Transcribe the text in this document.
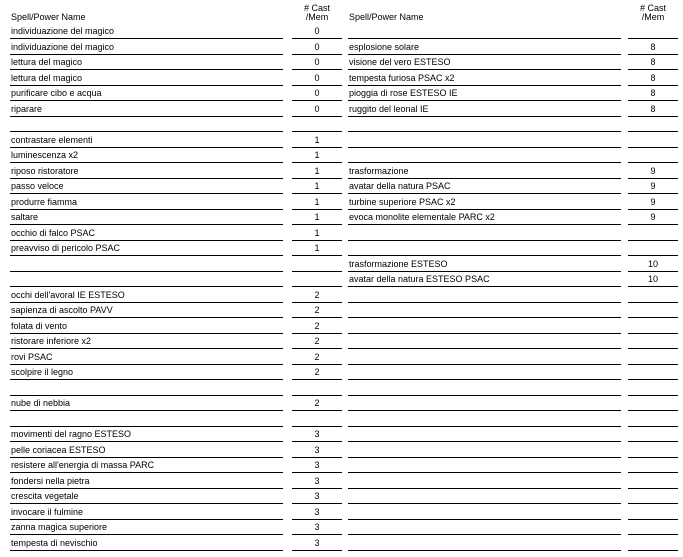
Spell/Power Name
# Cast
/Mem
individuazione del magico	0
individuazione del magico	0
lettura del magico	0
lettura del magico	0
purificare cibo e acqua	0
riparare	0
contrastare elementi	1
luminescenza x2	1
riposo ristoratore	1
passo veloce	1
produrre fiamma	1
saltare	1
occhio di falco PSAC	1
preavviso di pericolo PSAC	1
occhi dell'avoral IE ESTESO	2
sapienza di ascolto PAVV	2
folata di vento	2
ristorare inferiore x2	2
rovi PSAC	2
scolpire il legno	2
nube di nebbia	2
movimenti del ragno ESTESO	3
pelle coriacea ESTESO	3
resistere all'energia di massa PARC	3
fondersi nella pietra	3
crescita vegetale	3
invocare il fulmine	3
zanna magica superiore	3
tempesta di nevischio	3
Spell/Power Name
# Cast
/Mem
esplosione solare	8
visione del vero ESTESO	8
tempesta furiosa PSAC x2	8
pioggia di rose ESTESO IE	8
ruggito del leonal IE	8
trasformazione	9
avatar della natura PSAC	9
turbine superiore PSAC x2	9
evoca monolite elementale PARC x2	9
trasformazione ESTESO	10
avatar della natura ESTESO PSAC	10
